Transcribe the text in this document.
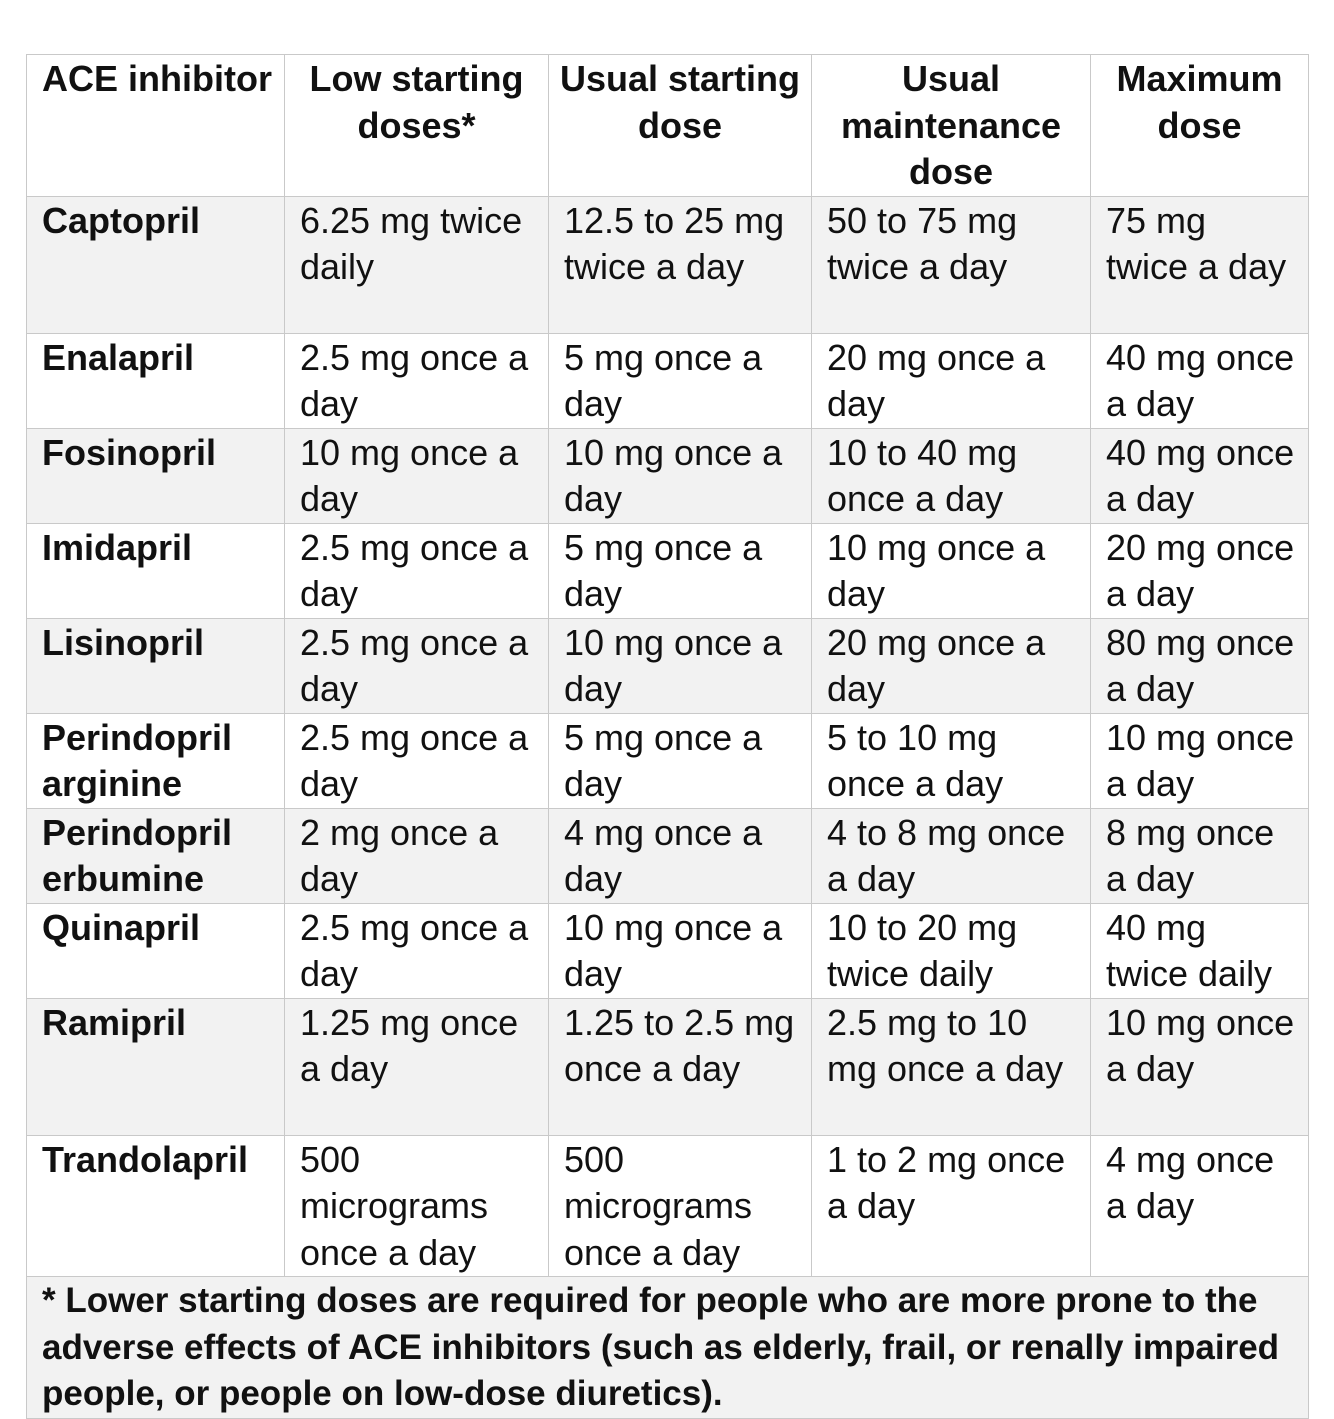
ACE inhibitor	Low starting doses*	Usual starting dose	Usual maintenance dose	Maximum dose
Captopril	6.25 mg twice daily	12.5 to 25 mg twice a day	50 to 75 mg twice a day	75 mg twice a day
Enalapril	2.5 mg once a day	5 mg once a day	20 mg once a day	40 mg once a day
Fosinopril	10 mg once a day	10 mg once a day	10 to 40 mg once a day	40 mg once a day
Imidapril	2.5 mg once a day	5 mg once a day	10 mg once a day	20 mg once a day
Lisinopril	2.5 mg once a day	10 mg once a day	20 mg once a day	80 mg once a day
Perindopril arginine	2.5 mg once a day	5 mg once a day	5 to 10 mg once a day	10 mg once a day
Perindopril erbumine	2 mg once a day	4 mg once a day	4 to 8 mg once a day	8 mg once a day
Quinapril	2.5 mg once a day	10 mg once a day	10 to 20 mg twice daily	40 mg twice daily
Ramipril	1.25 mg once a day	1.25 to 2.5 mg once a day	2.5 mg to 10 mg once a day	10 mg once a day
Trandolapril	500 micrograms once a day	500 micrograms once a day	1 to 2 mg once a day	4 mg once a day
* Lower starting doses are required for people who are more prone to the adverse effects of ACE inhibitors (such as elderly, frail, or renally impaired people, or people on low-dose diuretics).				
